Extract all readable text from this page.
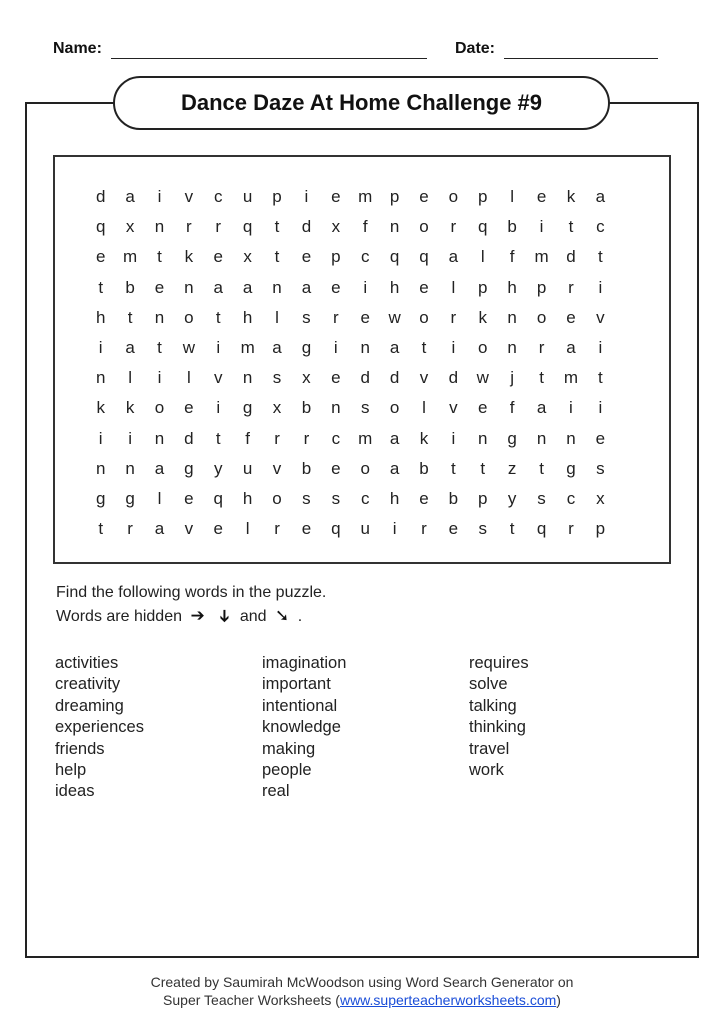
Name:	Date:
Dance Daze At Home Challenge #9
d	a	i	v	c	u	p	i	e	m	p	e	o	p	l	e	k	a
q	x	n	r	r	q	t	d	x	f	n	o	r	q	b	i	t	c
e	m	t	k	e	x	t	e	p	c	q	q	a	l	f	m	d	t
t	b	e	n	a	a	n	a	e	i	h	e	l	p	h	p	r	i
h	t	n	o	t	h	l	s	r	e	w	o	r	k	n	o	e	v
i	a	t	w	i	m	a	g	i	n	a	t	i	o	n	r	a	i
n	l	i	l	v	n	s	x	e	d	d	v	d	w	j	t	m	t
k	k	o	e	i	g	x	b	n	s	o	l	v	e	f	a	i	i
i	i	n	d	t	f	r	r	c	m	a	k	i	n	g	n	n	e
n	n	a	g	y	u	v	b	e	o	a	b	t	t	z	t	g	s
g	g	l	e	q	h	o	s	s	c	h	e	b	p	y	s	c	x
t	r	a	v	e	l	r	e	q	u	i	r	e	s	t	q	r	p
Find the following words in the puzzle.
Words are hidden ➔ ➔ and ➘ .
activities
creativity
dreaming
experiences
friends
help
ideas
imagination
important
intentional
knowledge
making
people
real
requires
solve
talking
thinking
travel
work
Created by Saumirah McWoodson using Word Search Generator on
Super Teacher Worksheets (www.superteacherworksheets.com)
